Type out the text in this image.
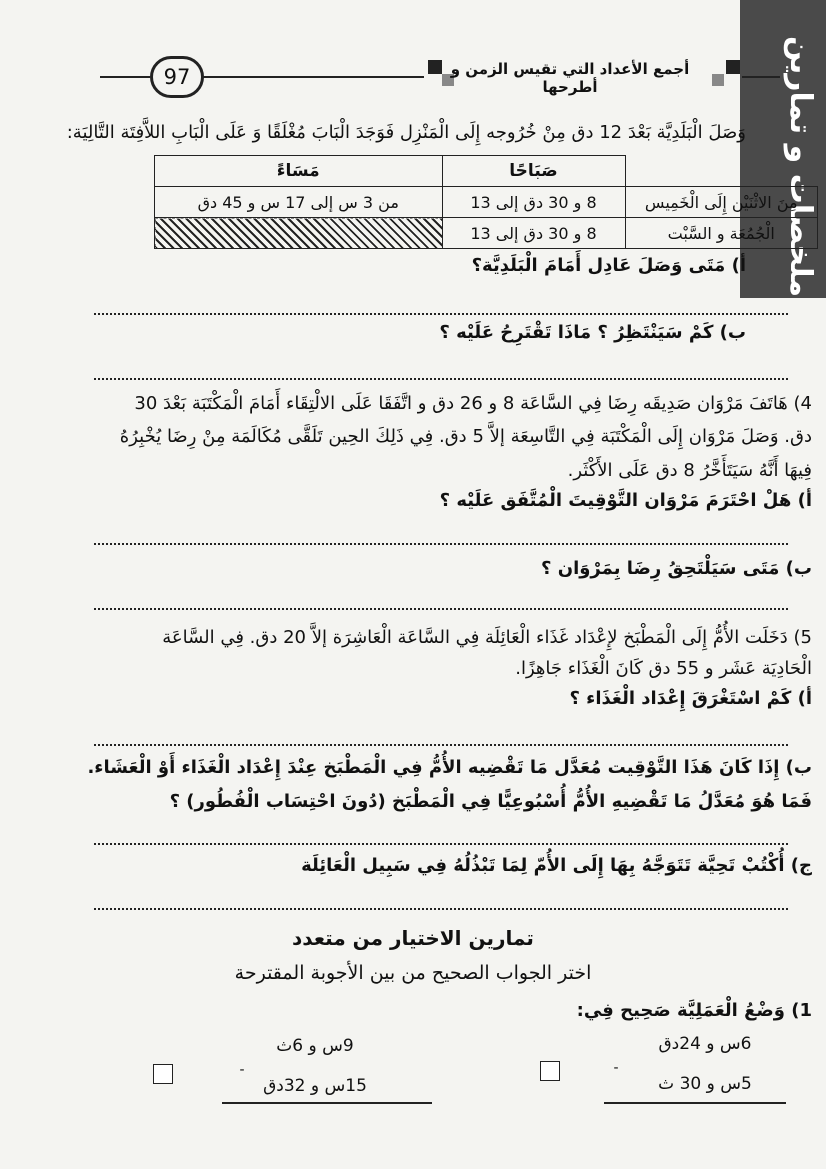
ملخصات و تمارين
97	أجمع الأعداد التي تقيس الزمن و أطرحها
وَصَلَ الْبَلَدِيَّة بَعْدَ 12 دق مِنْ خُرُوجه إِلَى الْمَنْزِل فَوَجَدَ الْبَابَ مُغْلَقًا وَ عَلَى الْبَابِ اللاَّفِتَة التَّالِيَة:
	صَبَاحًا	مَسَاءً
مِنَ الاثْنَيْن إِلَى الْخَمِيس	8 و 30 دق إلى 13	من 3 س إلى 17 س و 45 دق
الْجُمُعَة و السَّبْت	8 و 30 دق إلى 13	
أ) مَتَى وَصَلَ عَادِل أَمَامَ الْبَلَدِيَّة؟
ب) كَمْ سَيَنْتَظِرُ ؟ مَاذَا تَقْتَرِحُ عَلَيْه ؟
4) هَاتَفَ مَرْوَان صَدِيقَه رِضَا فِي السَّاعَة 8 و 26 دق و اتَّفَقَا عَلَى الالْتِقَاء أَمَامَ الْمَكْتَبَة بَعْدَ 30
دق. وَصَلَ مَرْوَان إِلَى الْمَكْتَبَة فِي التَّاسِعَة إلاَّ 5 دق. فِي ذَلِكَ الحِين تَلَقَّى مُكَالَمَة مِنْ رِضَا يُخْبِرُهُ
فِيهَا أَنَّهُ سَيَتَأَخَّرُ 8 دق عَلَى الأَكْثَر.
أ) هَلْ احْتَرَمَ مَرْوَان التَّوْقِيتَ الْمُتَّفَق عَلَيْه ؟
ب) مَتَى سَيَلْتَحِقُ رِضَا بِمَرْوَان ؟
5) دَخَلَت الأُمُّ إِلَى الْمَطْبَخ لإِعْدَاد غَذَاء الْعَائِلَة فِي السَّاعَة الْعَاشِرَة إلاَّ 20 دق. فِي السَّاعَة
الْحَادِيَة عَشَر و 55 دق كَانَ الْغَذَاء جَاهِزًا.
أ) كَمْ اسْتَغْرَقَ إِعْدَاد الْغَذَاء ؟
ب) إِذَا كَانَ هَذَا التَّوْقِيت مُعَدَّل مَا تَقْضِيه الأُمُّ فِي الْمَطْبَخ عِنْدَ إِعْدَاد الْغَذَاء أَوْ الْعَشَاء.
فَمَا هُوَ مُعَدَّلُ مَا تَقْضِيهِ الأُمُّ أُسْبُوعِيًّا فِي الْمَطْبَخ (دُونَ احْتِسَاب الْفُطُور) ؟
ج) أُكْتُبْ تَحِيَّة تَتَوَجَّهُ بِهَا إِلَى الأُمّ لِمَا تَبْذُلُهُ فِي سَبِيل الْعَائِلَة
تمارين الاختيار من متعدد
اختر الجواب الصحيح من بين الأجوبة المقترحة
1) وَضْعُ الْعَمَلِيَّة صَحِيح فِي:
6س و 24دق
-
5س و 30 ث
9س و 6ث
-
15س و 32دق
